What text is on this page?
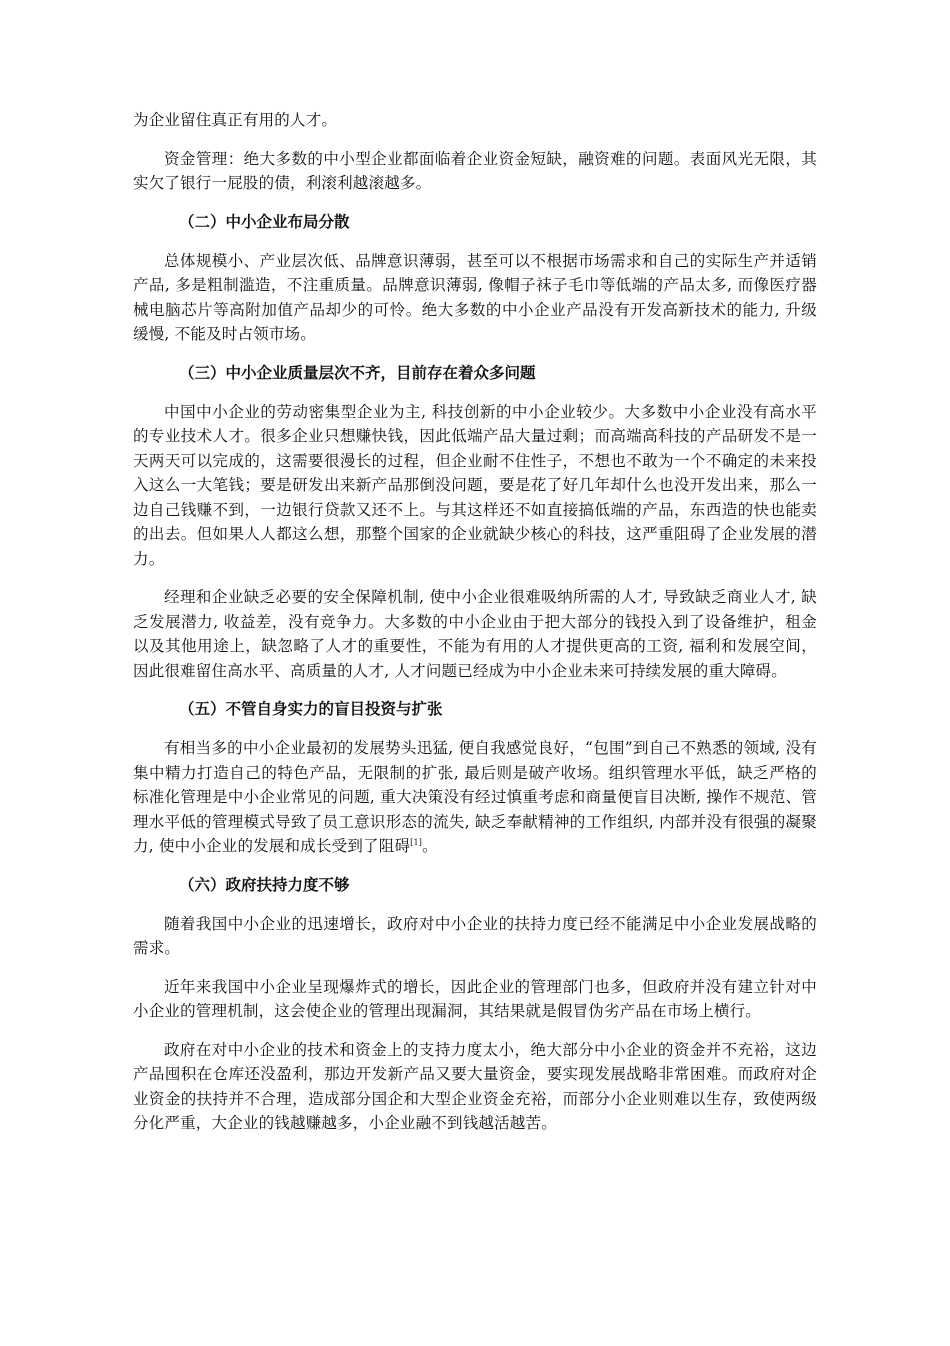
为企业留住真正有用的人才。

资金管理：绝大多数的中小型企业都面临着企业资金短缺，融资难的问题。表面风光无限，其实欠了银行一屁股的债，利滚利越滚越多。

（二）中小企业布局分散

总体规模小、产业层次低、品牌意识薄弱，甚至可以不根据市场需求和自己的实际生产并适销产品, 多是粗制滥造，不注重质量。品牌意识薄弱, 像帽子袜子毛巾等低端的产品太多, 而像医疗器械电脑芯片等高附加值产品却少的可怜。绝大多数的中小企业产品没有开发高新技术的能力, 升级缓慢, 不能及时占领市场。

（三）中小企业质量层次不齐，目前存在着众多问题

中国中小企业的劳动密集型企业为主, 科技创新的中小企业较少。大多数中小企业没有高水平的专业技术人才。很多企业只想赚快钱，因此低端产品大量过剩；而高端高科技的产品研发不是一天两天可以完成的，这需要很漫长的过程，但企业耐不住性子，不想也不敢为一个不确定的未来投入这么一大笔钱；要是研发出来新产品那倒没问题，要是花了好几年却什么也没开发出来，那么一边自己钱赚不到，一边银行贷款又还不上。与其这样还不如直接搞低端的产品，东西造的快也能卖的出去。但如果人人都这么想，那整个国家的企业就缺少核心的科技，这严重阻碍了企业发展的潜力。

经理和企业缺乏必要的安全保障机制, 使中小企业很难吸纳所需的人才, 导致缺乏商业人才, 缺乏发展潜力, 收益差，没有竞争力。大多数的中小企业由于把大部分的钱投入到了设备维护，租金以及其他用途上，缺忽略了人才的重要性，不能为有用的人才提供更高的工资, 福利和发展空间，因此很难留住高水平、高质量的人才, 人才问题已经成为中小企业未来可持续发展的重大障碍。

（五）不管自身实力的盲目投资与扩张

有相当多的中小企业最初的发展势头迅猛, 便自我感觉良好，“包围”到自己不熟悉的领域, 没有集中精力打造自己的特色产品，无限制的扩张, 最后则是破产收场。组织管理水平低，缺乏严格的标准化管理是中小企业常见的问题, 重大决策没有经过慎重考虑和商量便盲目决断, 操作不规范、管理水平低的管理模式导致了员工意识形态的流失, 缺乏奉献精神的工作组织, 内部并没有很强的凝聚力, 使中小企业的发展和成长受到了阻碍[1]。

（六）政府扶持力度不够

随着我国中小企业的迅速增长，政府对中小企业的扶持力度已经不能满足中小企业发展战略的需求。

近年来我国中小企业呈现爆炸式的增长，因此企业的管理部门也多，但政府并没有建立针对中小企业的管理机制，这会使企业的管理出现漏洞，其结果就是假冒伪劣产品在市场上横行。

政府在对中小企业的技术和资金上的支持力度太小，绝大部分中小企业的资金并不充裕，这边产品囤积在仓库还没盈利，那边开发新产品又要大量资金，要实现发展战略非常困难。而政府对企业资金的扶持并不合理，造成部分国企和大型企业资金充裕，而部分小企业则难以生存，致使两级分化严重，大企业的钱越赚越多，小企业融不到钱越活越苦。
